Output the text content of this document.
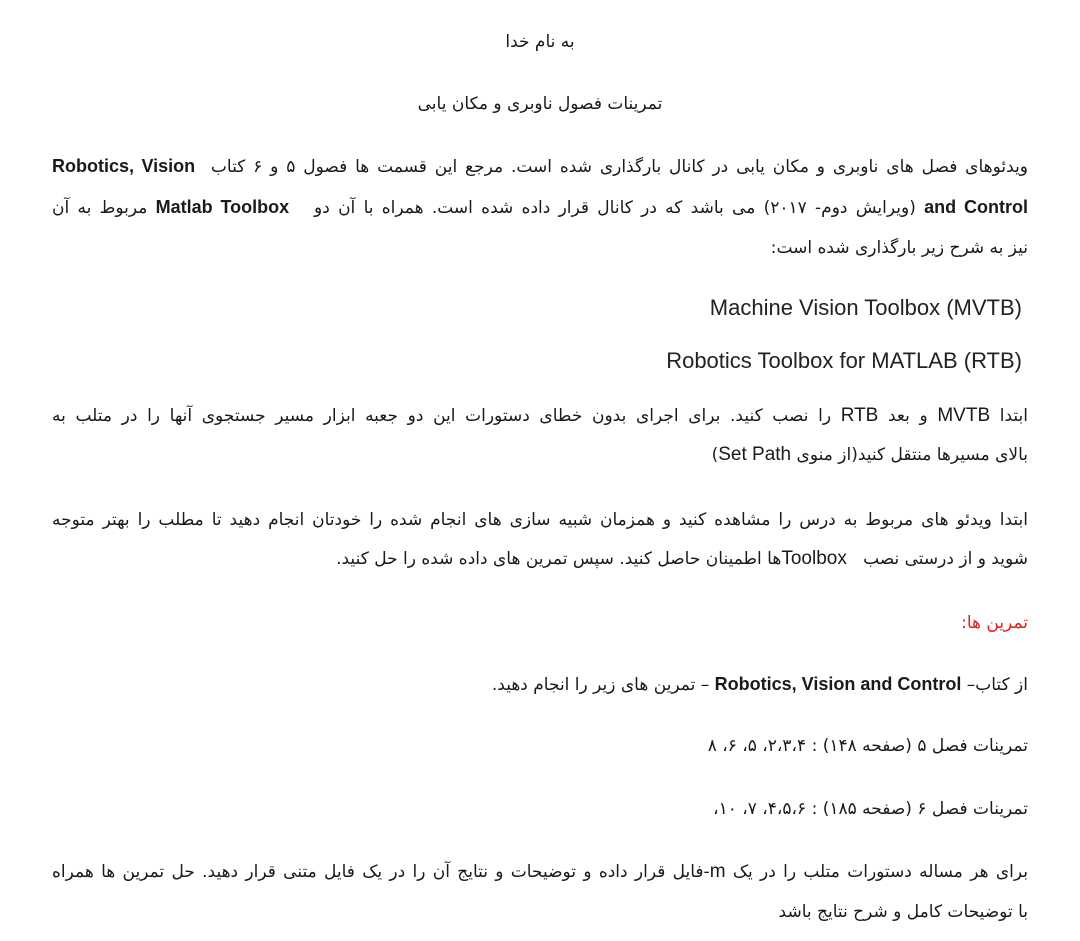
به نام خدا
تمرینات فصول ناوبری و مکان یابی
ویدئوهای فصل های ناوبری و مکان یابی در کانال بارگذاری شده است. مرجع این قسمت ها فصول ۵ و ۶ کتاب  Robotics, Vision
and Control (ویرایش دوم- ۲۰۱۷) می باشد که در کانال قرار داده شده است. همراه با آن دو   Matlab Toolbox مربوط به آن
نیز به شرح زیر بارگذاری شده است:
Machine Vision Toolbox (MVTB)
Robotics Toolbox for MATLAB (RTB)
ابتدا MVTB و بعد RTB را نصب کنید. برای اجرای بدون خطای دستورات این دو جعبه ابزار مسیر جستجوی آنها را در متلب به
بالای مسیرها منتقل کنید(از منوی Set Path)
ابتدا ویدئو های مربوط به درس را مشاهده کنید و همزمان شبیه سازی های انجام شده را خودتان انجام دهید تا مطلب را بهتر متوجه
شوید و از درستی نصب   Toolboxها اطمینان حاصل کنید. سپس تمرین های داده شده را حل کنید.
تمرین ها:
از کتاب– Robotics, Vision and Control – تمرین های زیر را انجام دهید.
تمرینات فصل ۵ (صفحه ۱۴۸) : ۲،۳،۴، ۵، ۶، ۸
تمرینات فصل ۶ (صفحه ۱۸۵) : ۴،۵،۶، ۷، ۱۰،
برای هر مساله دستورات متلب را در یک m-فایل قرار داده و توضیحات و نتایج آن را در یک فایل متنی قرار دهید. حل تمرین ها همراه
با توضیحات کامل و شرح نتایج باشد
